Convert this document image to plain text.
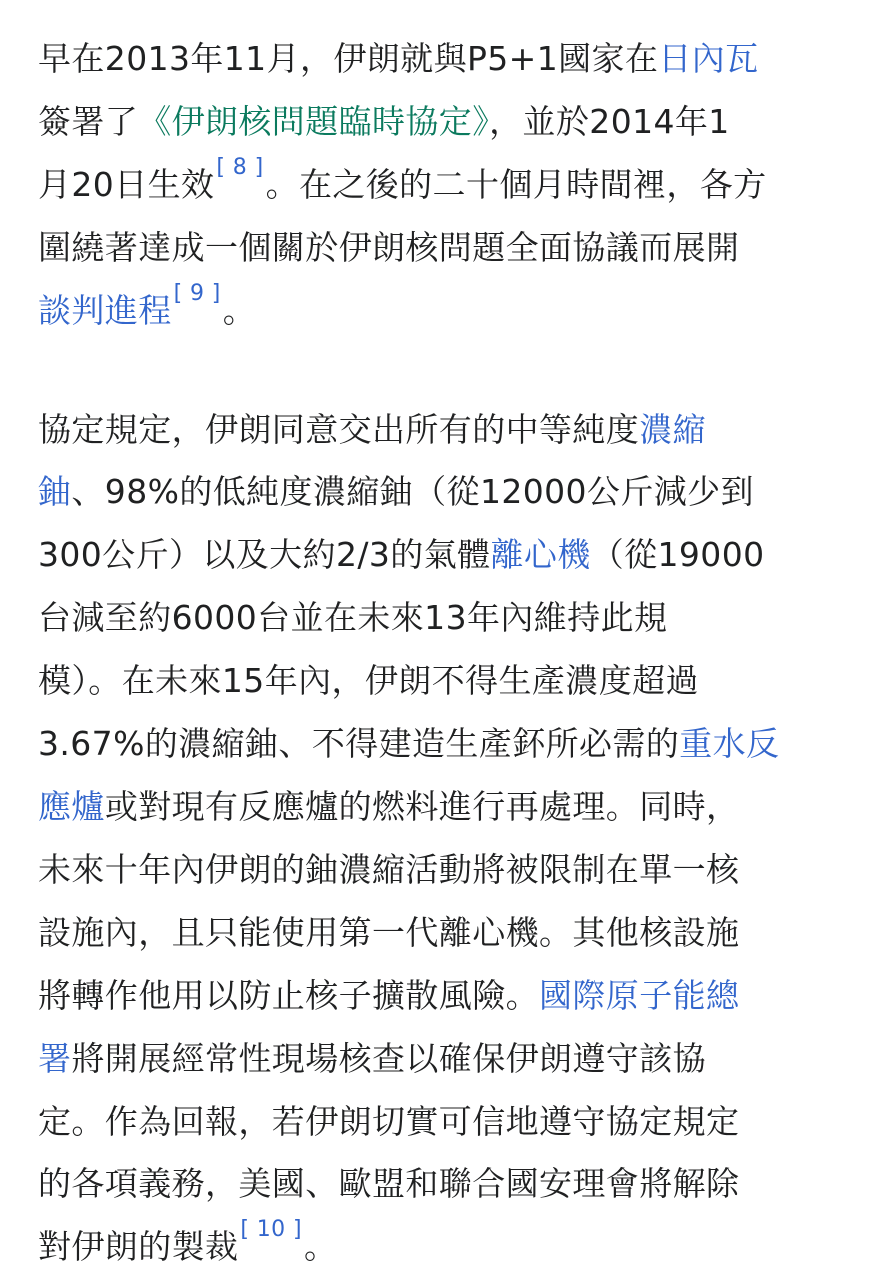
早在2013年11月，伊朗就與P5+1國家在日內瓦
簽署了《伊朗核問題臨時協定》，並於2014年1
月20日生效[ 8 ]。在之後的二十個月時間裡，各方
圍繞著達成一個關於伊朗核問題全面協議而展開
談判進程[ 9 ]。

協定規定，伊朗同意交出所有的中等純度濃縮
鈾、98%的低純度濃縮鈾（從12000公斤減少到
300公斤）以及大約2/3的氣體離心機（從19000
台減至約6000台並在未來13年內維持此規
模）。在未來15年內，伊朗不得生產濃度超過
3.67%的濃縮鈾、不得建造生產鈈所必需的重水反
應爐或對現有反應爐的燃料進行再處理。同時，
未來十年內伊朗的鈾濃縮活動將被限制在單一核
設施內，且只能使用第一代離心機。其他核設施
將轉作他用以防止核子擴散風險。國際原子能總
署將開展經常性現場核查以確保伊朗遵守該協
定。作為回報，若伊朗切實可信地遵守協定規定
的各項義務，美國、歐盟和聯合國安理會將解除
對伊朗的製裁[ 10 ]。
